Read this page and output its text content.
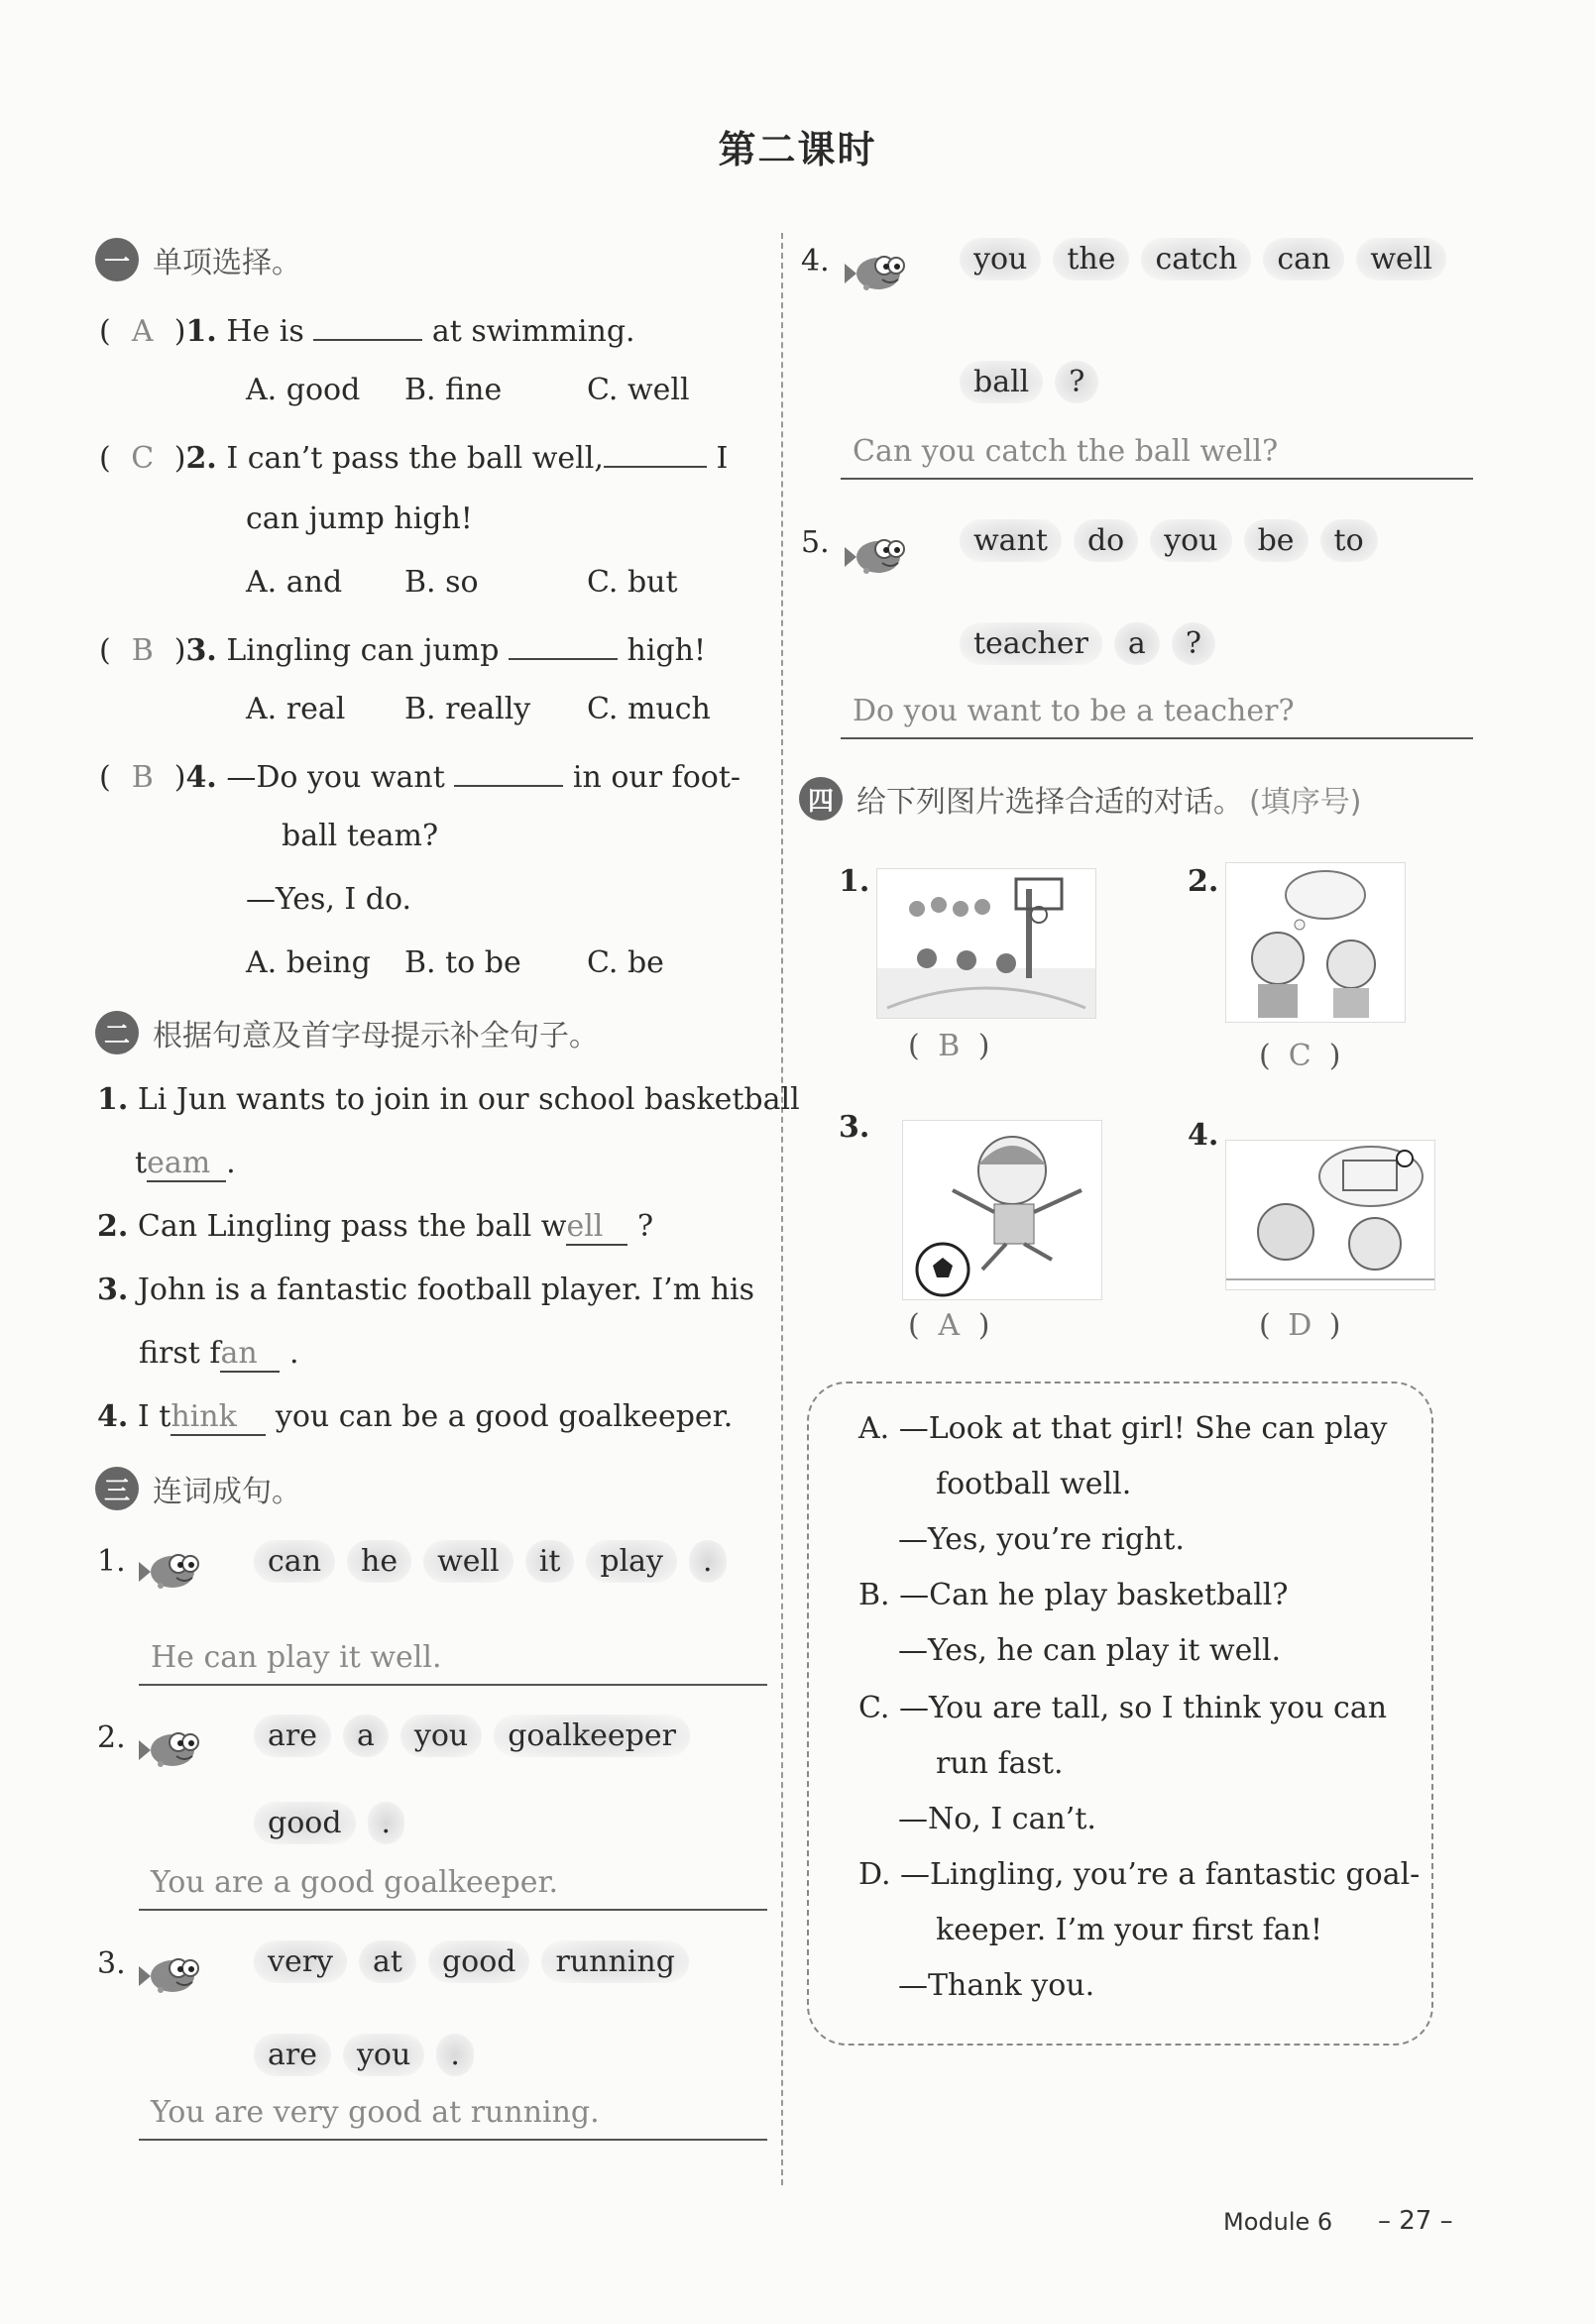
第二课时
一 单项选择。
( A )1. He is	at swimming.
A. good B. fine	C. well
( C )2. I can’t pass the ball well,	I
can jump high!
A. and B. so	C. but
( B )3. Lingling can jump	high!
A. real B. really C. much
( B )4. —Do you want	in our foot-
ball team?
—Yes, I do.
A. being B. to be C. be
二 根据句意及首字母提示补全句子。
1. Li Jun wants to join in our school basketball
team .
2. Can Lingling pass the ball well ?
3. John is a fantastic football player. I’m his
first fan .
4. I think you can be a good goalkeeper.
三 连词成句。
1.	can	he	well	it	play	.
He can play it well.
2.	are	a	you	goalkeeper
good	.
You are a good goalkeeper.
3.	very	at	good	running
are	you	.
You are very good at running.
4.	you	the	catch	can	well
ball	?
Can you catch the ball well?
5.	want	do	you	be	to
teacher	a	?
Do you want to be a teacher?
四 给下列图片选择合适的对话。 (填序号)
1.
( B )
2.
( C )
3.
( A )
4.
( D )
A. —Look at that girl! She can play
football well.
—Yes, you’re right.
B. —Can he play basketball?
—Yes, he can play it well.
C. —You are tall, so I think you can
run fast.
—No, I can’t.
D. —Lingling, you’re a fantastic goal-
keeper. I’m your first fan!
—Thank you.
Module 6 – 27 –
